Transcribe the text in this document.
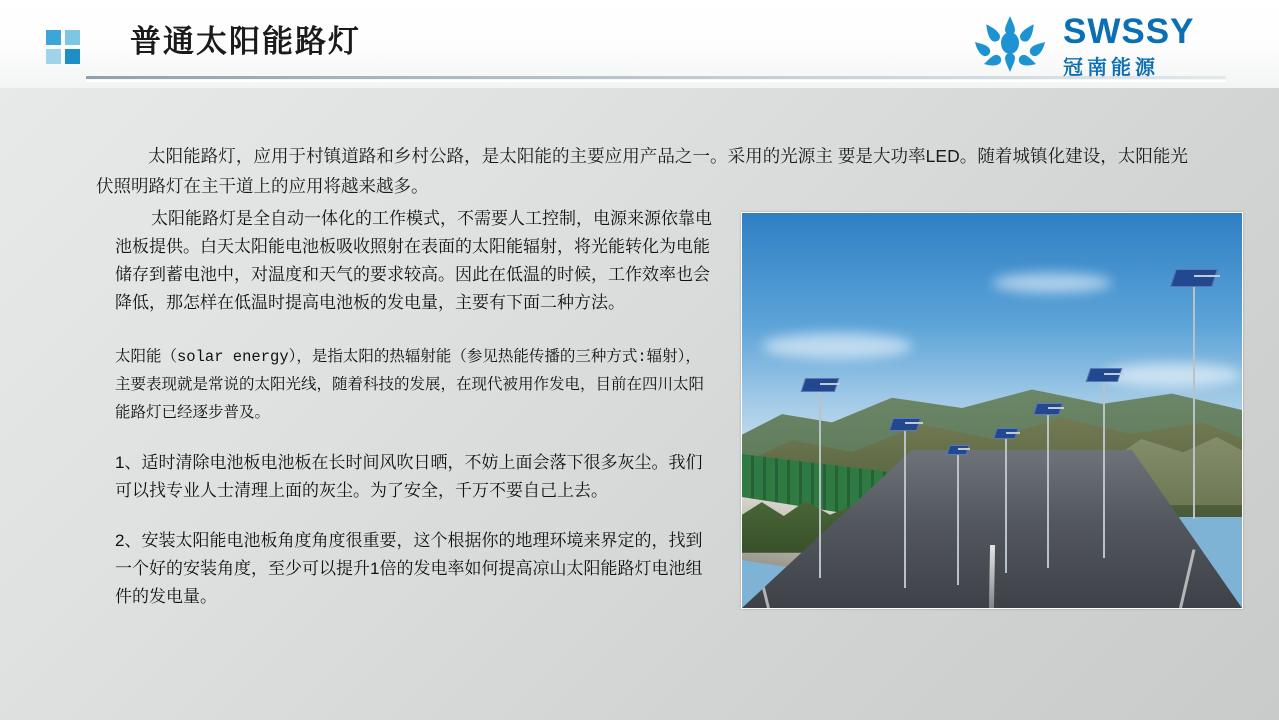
普通太阳能路灯	SWSSY
冠南能源
太阳能路灯，应用于村镇道路和乡村公路，是太阳能的主要应用产品之一。采用的光源主 要是大功率LED。随着城镇化建设，太阳能光伏照明路灯在主干道上的应用将越来越多。

太阳能路灯是全自动一体化的工作模式，不需要人工控制，电源来源依靠电池板提供。白天太阳能电池板吸收照射在表面的太阳能辐射，将光能转化为电能储存到蓄电池中，对温度和天气的要求较高。因此在低温的时候，工作效率也会降低，那怎样在低温时提高电池板的发电量，主要有下面二种方法。

太阳能（solar energy），是指太阳的热辐射能（参见热能传播的三种方式:辐射），主要表现就是常说的太阳光线，随着科技的发展，在现代被用作发电，目前在四川太阳能路灯已经逐步普及。

1、适时清除电池板电池板在长时间风吹日晒，不妨上面会落下很多灰尘。我们可以找专业人士清理上面的灰尘。为了安全，千万不要自己上去。

2、安装太阳能电池板角度角度很重要，这个根据你的地理环境来界定的，找到一个好的安装角度，至少可以提升1倍的发电率如何提高凉山太阳能路灯电池组件的发电量。
